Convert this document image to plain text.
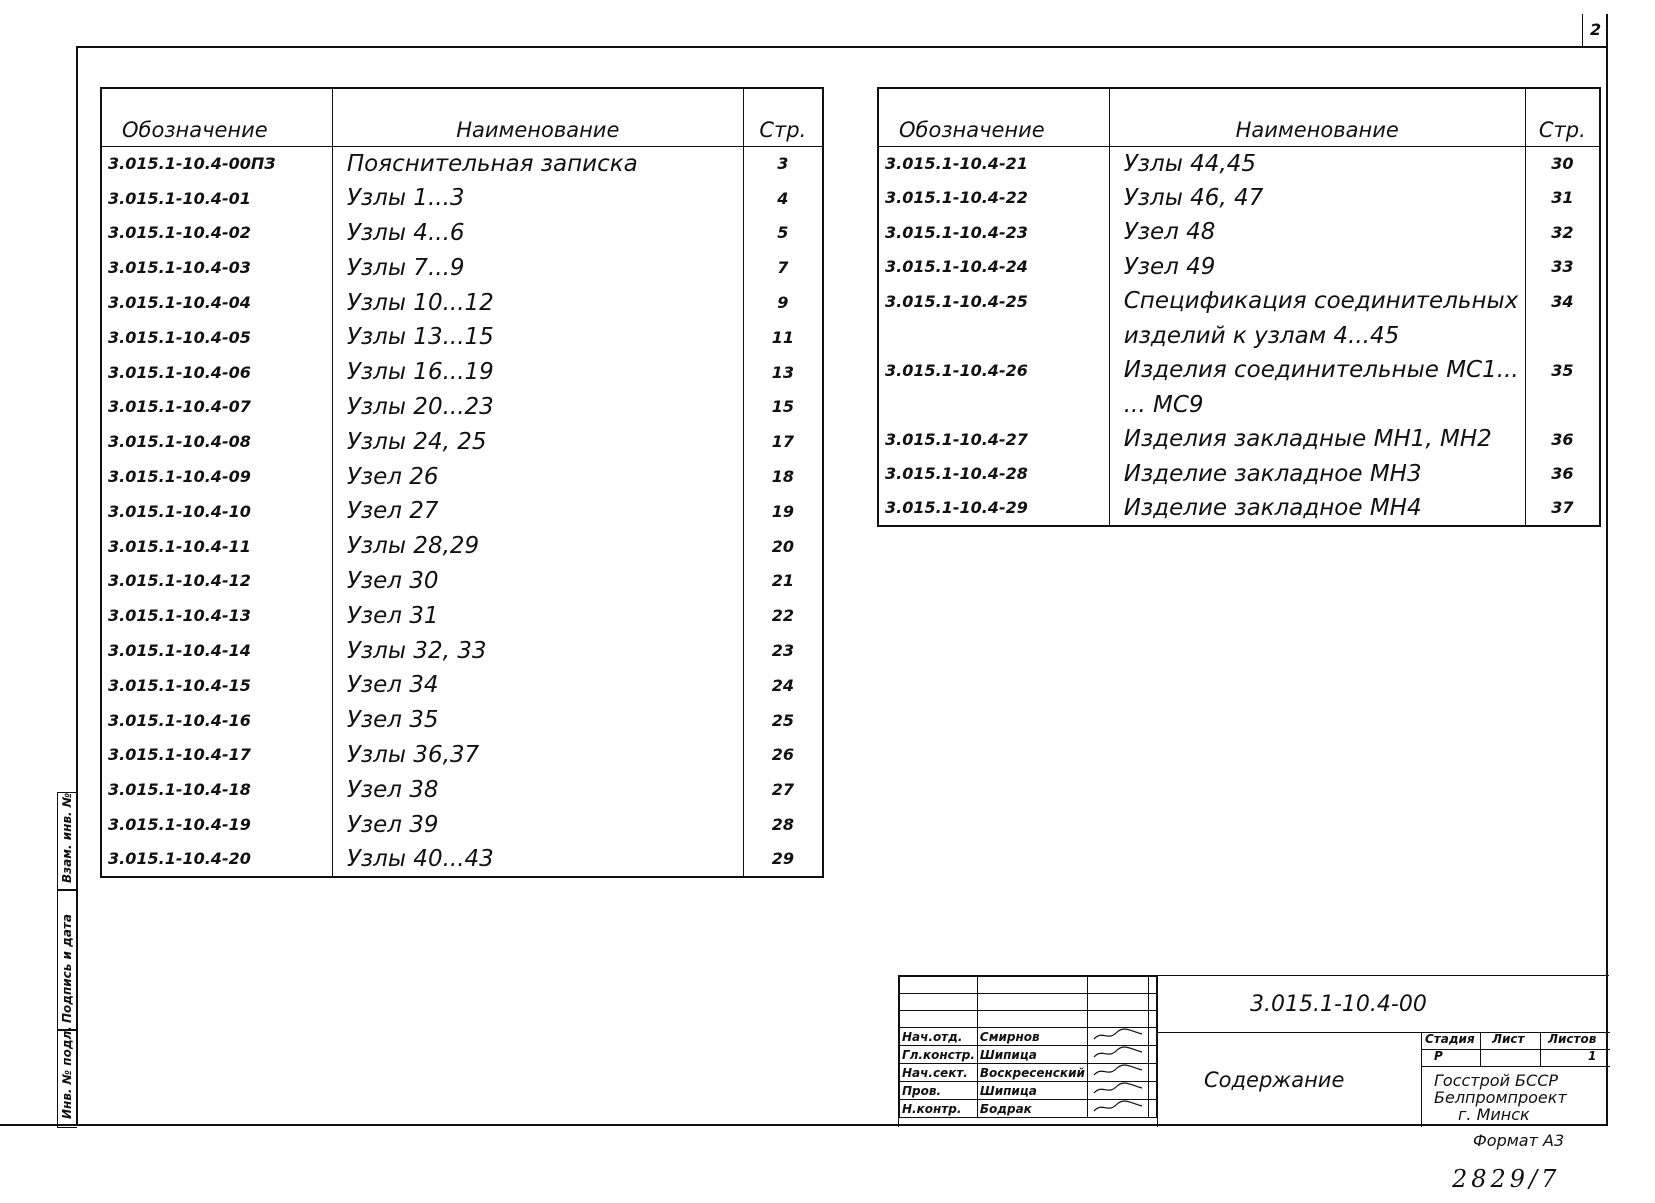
2
Обозначение	Наименование	Стр.
3.015.1-10.4-00ПЗ	Пояснительная записка	3
3.015.1-10.4-01	Узлы 1...3	4
3.015.1-10.4-02	Узлы 4...6	5
3.015.1-10.4-03	Узлы 7...9	7
3.015.1-10.4-04	Узлы 10...12	9
3.015.1-10.4-05	Узлы 13...15	11
3.015.1-10.4-06	Узлы 16...19	13
3.015.1-10.4-07	Узлы 20...23	15
3.015.1-10.4-08	Узлы 24, 25	17
3.015.1-10.4-09	Узел 26	18
3.015.1-10.4-10	Узел 27	19
3.015.1-10.4-11	Узлы 28,29	20
3.015.1-10.4-12	Узел 30	21
3.015.1-10.4-13	Узел 31	22
3.015.1-10.4-14	Узлы 32, 33	23
3.015.1-10.4-15	Узел 34	24
3.015.1-10.4-16	Узел 35	25
3.015.1-10.4-17	Узлы 36,37	26
3.015.1-10.4-18	Узел 38	27
3.015.1-10.4-19	Узел 39	28
3.015.1-10.4-20	Узлы 40...43	29
Обозначение	Наименование	Стр.
3.015.1-10.4-21	Узлы 44,45	30
3.015.1-10.4-22	Узлы 46, 47	31
3.015.1-10.4-23	Узел 48	32
3.015.1-10.4-24	Узел 49	33
3.015.1-10.4-25	Спецификация соединительных	34
	изделий к узлам 4...45	
3.015.1-10.4-26	Изделия соединительные МС1...	35
	... МС9	
3.015.1-10.4-27	Изделия закладные МН1, МН2	36
3.015.1-10.4-28	Изделие закладное МН3	36
3.015.1-10.4-29	Изделие закладное МН4	37
Взам. инв. №
Подпись и дата
Инв. № подл.

				Нач.отд.	Смирнов		
Гл.констр.	Шипица		
Нач.сект.	Воскресенский		
Пров.	Шипица		
Н.контр.	Бодрак		
3.015.1-10.4-00
Содержание
Стадия Лист Листов
Р	1
Госстрой БССР
Белпромпроект
г. Минск
Формат А3
2829/7
